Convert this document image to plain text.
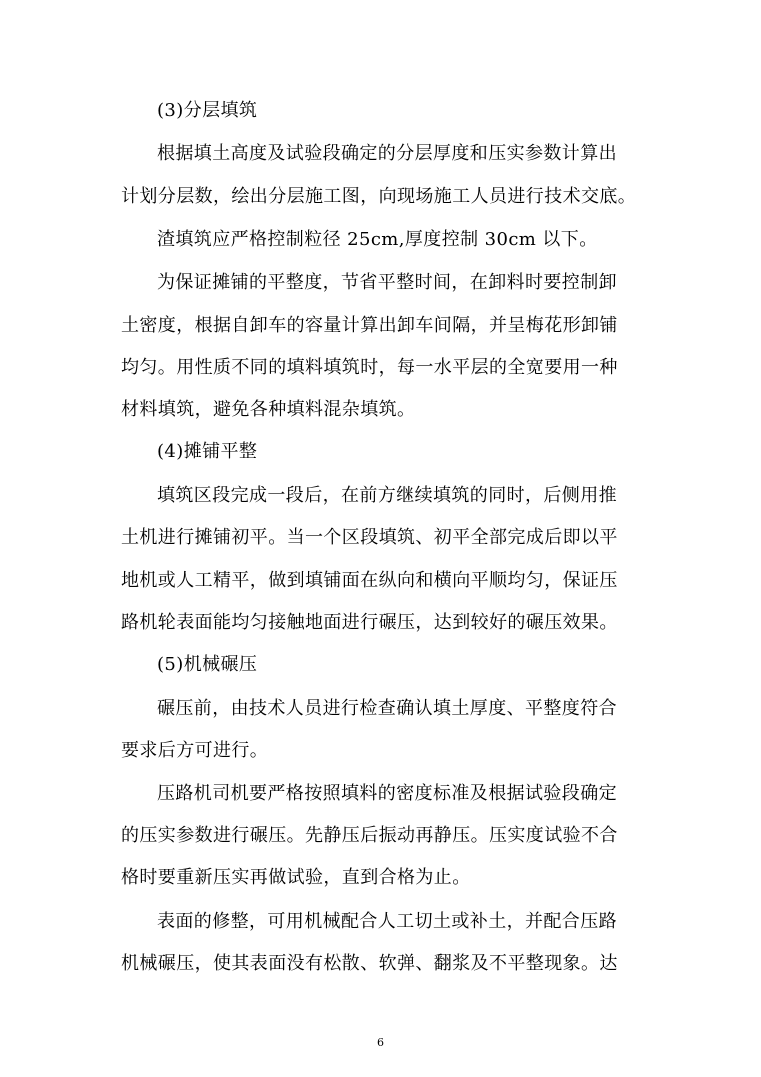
(3)分层填筑
根据填土高度及试验段确定的分层厚度和压实参数计算出
计划分层数，绘出分层施工图，向现场施工人员进行技术交底。
渣填筑应严格控制粒径 25cm,厚度控制 30cm 以下。
为保证摊铺的平整度，节省平整时间，在卸料时要控制卸
土密度，根据自卸车的容量计算出卸车间隔，并呈梅花形卸铺
均匀。用性质不同的填料填筑时，每一水平层的全宽要用一种
材料填筑，避免各种填料混杂填筑。
(4)摊铺平整
填筑区段完成一段后，在前方继续填筑的同时，后侧用推
土机进行摊铺初平。当一个区段填筑、初平全部完成后即以平
地机或人工精平，做到填铺面在纵向和横向平顺均匀，保证压
路机轮表面能均匀接触地面进行碾压，达到较好的碾压效果。
(5)机械碾压
碾压前，由技术人员进行检查确认填土厚度、平整度符合
要求后方可进行。
压路机司机要严格按照填料的密度标准及根据试验段确定
的压实参数进行碾压。先静压后振动再静压。压实度试验不合
格时要重新压实再做试验，直到合格为止。
表面的修整，可用机械配合人工切土或补土，并配合压路
机械碾压，使其表面没有松散、软弹、翻浆及不平整现象。达
6
